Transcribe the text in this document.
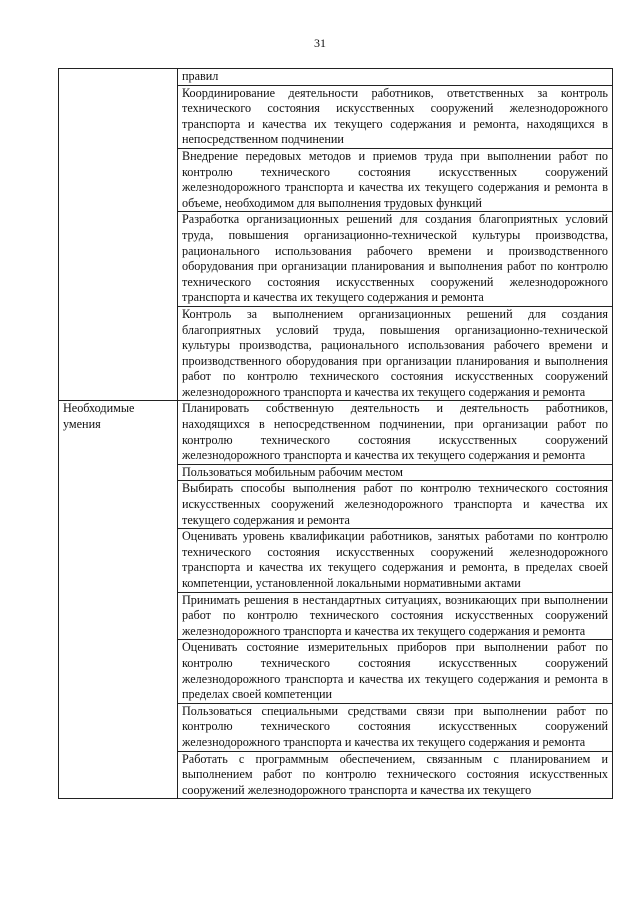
31
	правил
	Координирование деятельности работников, ответственных за контроль технического состояния искусственных сооружений железнодорожного транспорта и качества их текущего содержания и ремонта, находящихся в непосредственном подчинении
	Внедрение передовых методов и приемов труда при выполнении работ по контролю технического состояния искусственных сооружений железнодорожного транспорта и качества их текущего содержания и ремонта в объеме, необходимом для выполнения трудовых функций
	Разработка организационных решений для создания благоприятных условий труда, повышения организационно-технической культуры производства, рационального использования рабочего времени и производственного оборудования при организации планирования и выполнения работ по контролю технического состояния искусственных сооружений железнодорожного транспорта и качества их текущего содержания и ремонта
	Контроль за выполнением организационных решений для создания благоприятных условий труда, повышения организационно-технической культуры производства, рационального использования рабочего времени и производственного оборудования при организации планирования и выполнения работ по контролю технического состояния искусственных сооружений железнодорожного транспорта и качества их текущего содержания и ремонта
Необходимые умения	Планировать собственную деятельность и деятельность работников, находящихся в непосредственном подчинении, при организации работ по контролю технического состояния искусственных сооружений железнодорожного транспорта и качества их текущего содержания и ремонта
	Пользоваться мобильным рабочим местом
	Выбирать способы выполнения работ по контролю технического состояния искусственных сооружений железнодорожного транспорта и качества их текущего содержания и ремонта
	Оценивать уровень квалификации работников, занятых работами по контролю технического состояния искусственных сооружений железнодорожного транспорта и качества их текущего содержания и ремонта, в пределах своей компетенции, установленной локальными нормативными актами
	Принимать решения в нестандартных ситуациях, возникающих при выполнении работ по контролю технического состояния искусственных сооружений железнодорожного транспорта и качества их текущего содержания и ремонта
	Оценивать состояние измерительных приборов при выполнении работ по контролю технического состояния искусственных сооружений железнодорожного транспорта и качества их текущего содержания и ремонта в пределах своей компетенции
	Пользоваться специальными средствами связи при выполнении работ по контролю технического состояния искусственных сооружений железнодорожного транспорта и качества их текущего содержания и ремонта

	Работать с программным обеспечением, связанным с планированием и выполнением работ по контролю технического состояния искусственных сооружений железнодорожного транспорта и качества их текущего
